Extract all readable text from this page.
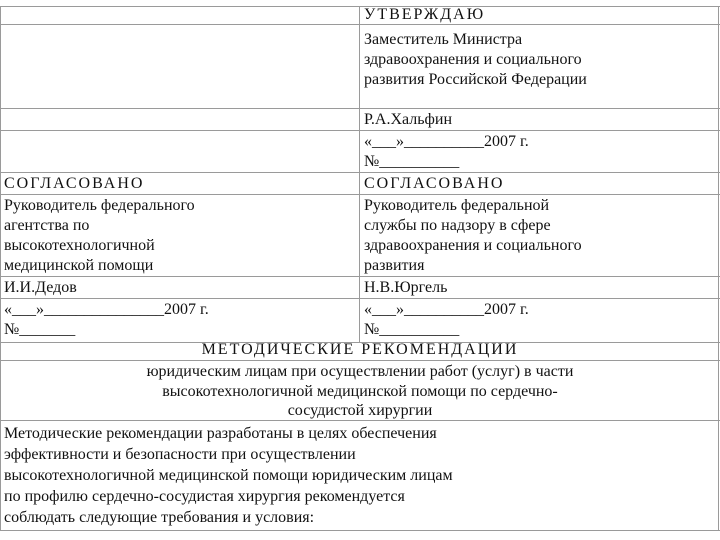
УТВЕРЖДАЮ
Заместитель Министра
здравоохранения и социального
развития Российской Федерации
Р.А.Хальфин
«___»__________2007 г.
№__________
СОГЛАСОВАНО	СОГЛАСОВАНО
Руководитель федерального
агентства по
высокотехнологичной
медицинской помощи
И.И.Дедов
«___»_______________2007 г.
№_______
Руководитель федеральной
службы по надзору в сфере
здравоохранения и социального
развития
Н.В.Юргель
«___»__________2007 г.
№__________
МЕТОДИЧЕСКИЕ РЕКОМЕНДАЦИИ
юридическим лицам при осуществлении работ (услуг) в части
высокотехнологичной медицинской помощи по сердечно-
сосудистой хирургии
Методические рекомендации разработаны в целях обеспечения
эффективности и безопасности при осуществлении
высокотехнологичной медицинской помощи юридическим лицам
по профилю сердечно-сосудистая хирургия рекомендуется
соблюдать следующие требования и условия:
